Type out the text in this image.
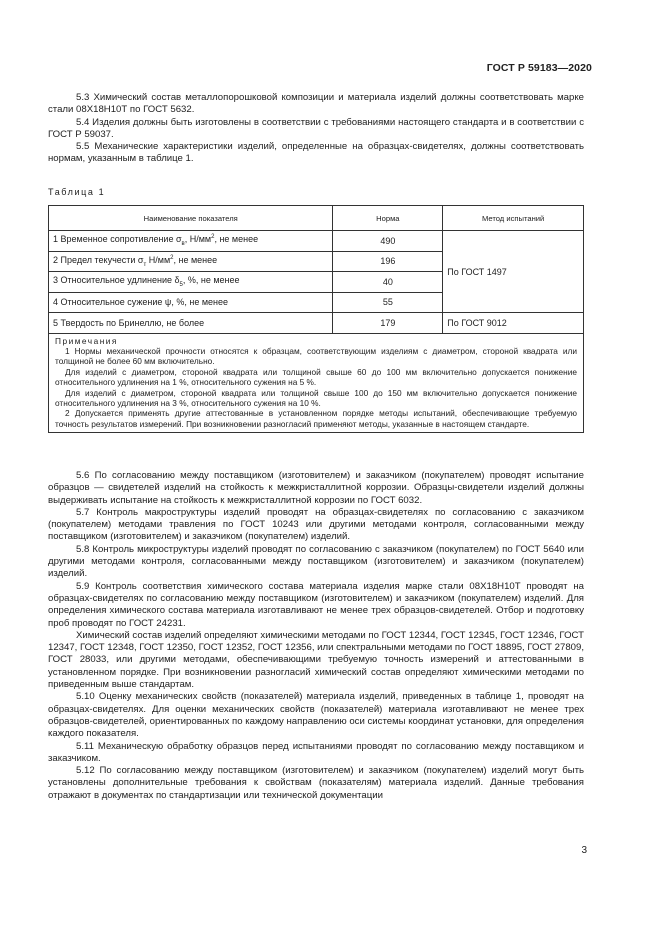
ГОСТ Р 59183—2020

5.3 Химический состав металлопорошковой композиции и материала изделий должны соответствовать марке стали 08Х18Н10Т по ГОСТ 5632.

5.4 Изделия должны быть изготовлены в соответствии с требованиями настоящего стандарта и в соответствии с ГОСТ Р 59037.

5.5 Механические характеристики изделий, определенные на образцах-свидетелях, должны соответствовать нормам, указанным в таблице 1.

Таблица 1
Наименование показателя	Норма	Метод испытаний
1 Временное сопротивление $\sigma_в$, $Н/мм^2$, не менее	490	По ГОСТ 1497
2 Предел текучести $\sigma_т$ $Н/мм^2$, не менее	196	
3 Относительное удлинение $\delta_5$, %, не менее	40	
4 Относительное сужение ψ, %, не менее	55	
5 Твердость по Бринеллю, не более	179	По ГОСТ 9012

Примечания
1 Нормы механической прочности относятся к образцам, соответствующим изделиям с диаметром, стороной квадрата или толщиной не более 60 мм включительно.
Для изделий с диаметром, стороной квадрата или толщиной свыше 60 до 100 мм включительно допускается понижение относительного удлинения на 1 %, относительного сужения на 5 %.
Для изделий с диаметром, стороной квадрата или толщиной свыше 100 до 150 мм включительно допускается понижение относительного удлинения на 3 %, относительного сужения на 10 %.
2 Допускается применять другие аттестованные в установленном порядке методы испытаний, обеспечивающие требуемую точность результатов измерений. При возникновении разногласий применяют методы, указанные в настоящем стандарте.		

5.6 По согласованию между поставщиком (изготовителем) и заказчиком (покупателем) проводят испытание образцов — свидетелей изделий на стойкость к межкристаллитной коррозии. Образцы-свидетели изделий должны выдерживать испытание на стойкость к межкристаллитной коррозии по ГОСТ 6032.

5.7 Контроль макроструктуры изделий проводят на образцах-свидетелях по согласованию с заказчиком (покупателем) методами травления по ГОСТ 10243 или другими методами контроля, согласованными между поставщиком (изготовителем) и заказчиком (покупателем) изделий.

5.8 Контроль микроструктуры изделий проводят по согласованию с заказчиком (покупателем) по ГОСТ 5640 или другими методами контроля, согласованными между поставщиком (изготовителем) и заказчиком (покупателем) изделий.

5.9 Контроль соответствия химического состава материала изделия марке стали 08Х18Н10Т проводят на образцах-свидетелях по согласованию между поставщиком (изготовителем) и заказчиком (покупателем) изделий. Для определения химического состава материала изготавливают не менее трех образцов-свидетелей. Отбор и подготовку проб проводят по ГОСТ 24231.

Химический состав изделий определяют химическими методами по ГОСТ 12344, ГОСТ 12345, ГОСТ 12346, ГОСТ 12347, ГОСТ 12348, ГОСТ 12350, ГОСТ 12352, ГОСТ 12356, или спектральными методами по ГОСТ 18895, ГОСТ 27809, ГОСТ 28033, или другими методами, обеспечивающими требуемую точность измерений и аттестованными в установленном порядке. При возникновении разногласий химический состав определяют химическими методами по приведенным выше стандартам.

5.10 Оценку механических свойств (показателей) материала изделий, приведенных в таблице 1, проводят на образцах-свидетелях. Для оценки механических свойств (показателей) материала изготавливают не менее трех образцов-свидетелей, ориентированных по каждому направлению оси системы координат установки, для определения каждого показателя.

5.11 Механическую обработку образцов перед испытаниями проводят по согласованию между поставщиком и заказчиком.

5.12 По согласованию между поставщиком (изготовителем) и заказчиком (покупателем) изделий могут быть установлены дополнительные требования к свойствам (показателям) материала изделий. Данные требования отражают в документах по стандартизации или технической документации

3
